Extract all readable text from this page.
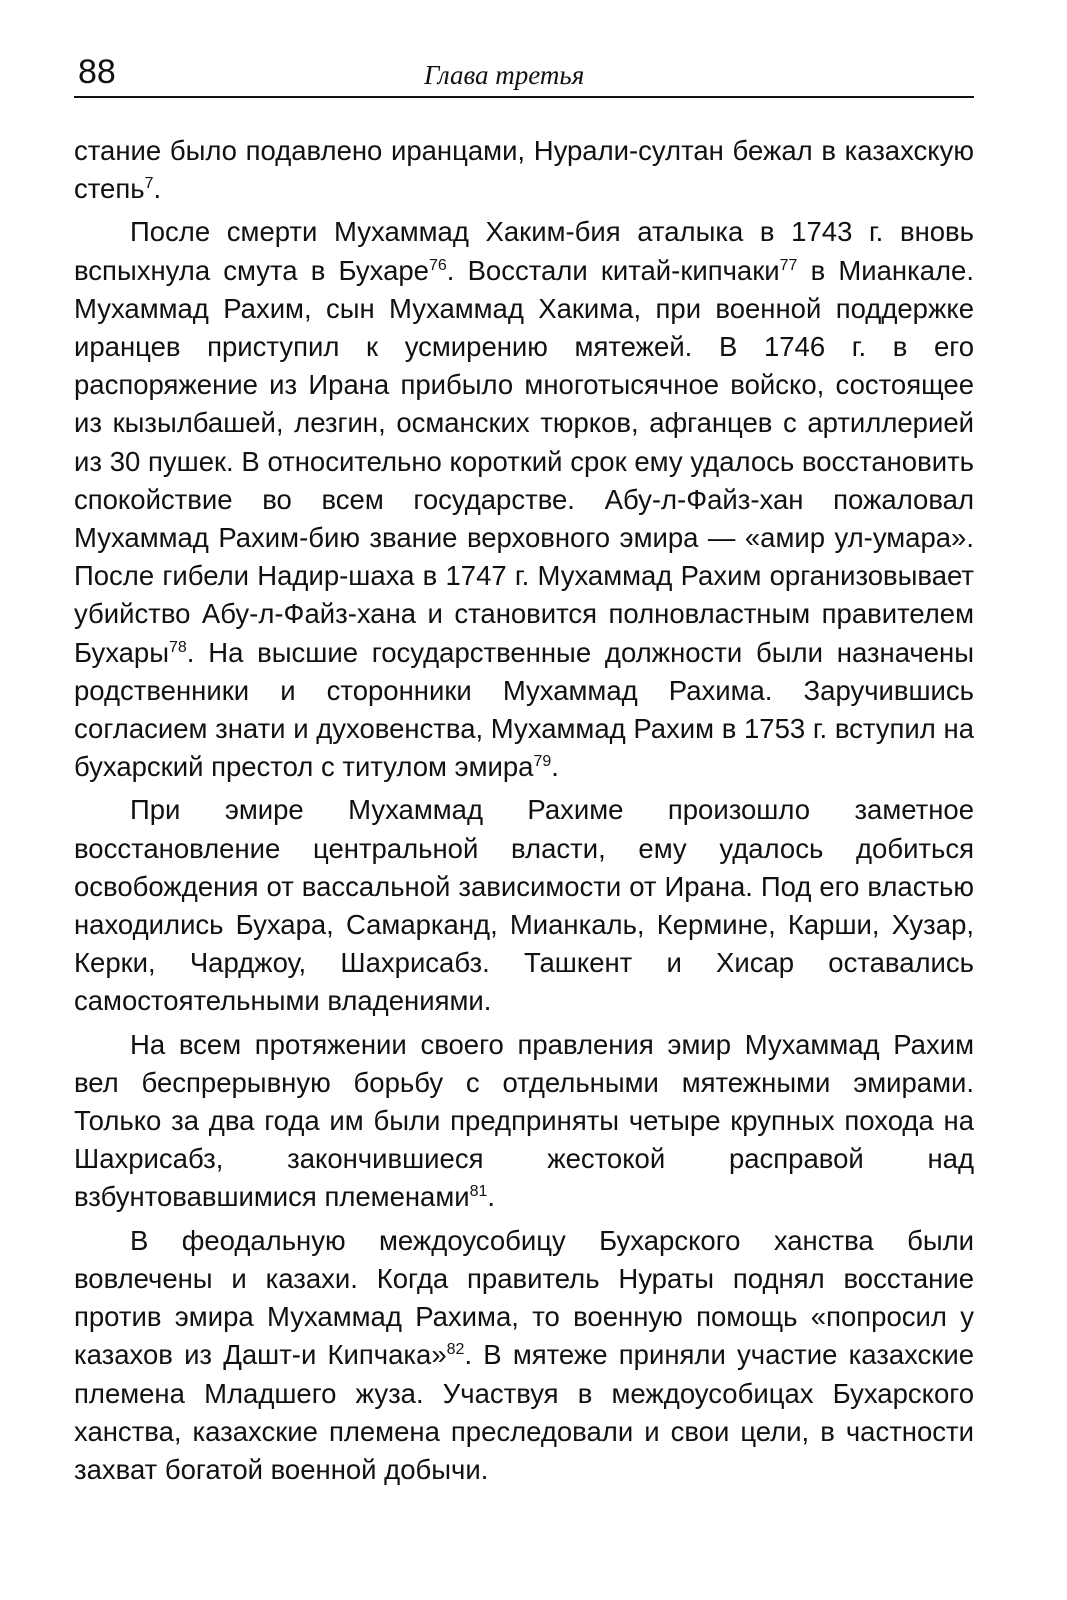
88	Глава третья

стание было подавлено иранцами, Нурали-султан бежал в казахскую степь$^7$.

После смерти Мухаммад Хаким-бия аталыка в 1743 г. вновь вспыхнула смута в Бухаре$^{76}$. Восстали китай-кипчаки$^{77}$ в Мианкале. Мухаммад Рахим, сын Мухаммад Хакима, при военной поддержке иранцев приступил к усмирению мятежей. В 1746 г. в его распоряжение из Ирана прибыло многотысячное войско, состоящее из кызылбашей, лезгин, османских тюрков, афганцев с артиллерией из 30 пушек. В относительно короткий срок ему удалось восстановить спокойствие во всем государстве. Абу-л-Файз-хан пожаловал Мухаммад Рахим-бию звание верховного эмира — «амир ул-умара». После гибели Надир-шаха в 1747 г. Мухаммад Рахим организовывает убийство Абу-л-Файз-хана и становится полновластным правителем Бухары$^{78}$. На высшие государственные должности были назначены родственники и сторонники Мухаммад Рахима. Заручившись согласием знати и духовенства, Мухаммад Рахим в 1753 г. вступил на бухарский престол с титулом эмира$^{79}$.

При эмире Мухаммад Рахиме произошло заметное восстановление центральной власти, ему удалось добиться освобождения от вассальной зависимости от Ирана. Под его властью находились Бухара, Самарканд, Мианкаль, Кермине, Карши, Хузар, Керки, Чарджоу, Шахрисабз. Ташкент и Хисар оставались самостоятельными владениями.

На всем протяжении своего правления эмир Мухаммад Рахим вел беспрерывную борьбу с отдельными мятежными эмирами. Только за два года им были предприняты четыре крупных похода на Шахрисабз, закончившиеся жестокой расправой над взбунтовавшимися племенами$^{81}$.

В феодальную междоусобицу Бухарского ханства были вовлечены и казахи. Когда правитель Нураты поднял восстание против эмира Мухаммад Рахима, то военную помощь «попросил у казахов из Дашт-и Кипчака»$^{82}$. В мятеже приняли участие казахские племена Младшего жуза. Участвуя в междоусобицах Бухарского ханства, казахские племена преследовали и свои цели, в частности захват богатой военной добычи.
